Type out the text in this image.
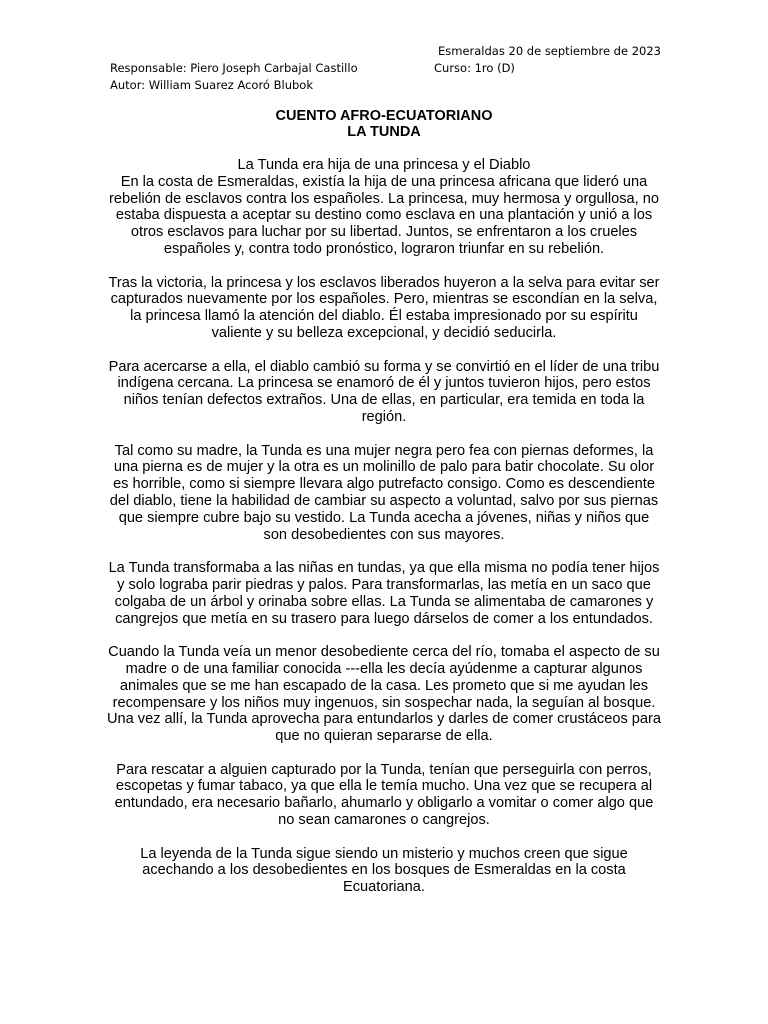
Esmeraldas 20 de septiembre de 2023
Responsable: Piero Joseph Carbajal Castillo	Curso: 1ro (D)
Autor: William Suarez Acoró Blubok
CUENTO AFRO-ECUATORIANO
LA TUNDA

La Tunda era hija de una princesa y el Diablo
En la costa de Esmeraldas, existía la hija de una princesa africana que lideró una rebelión de esclavos contra los españoles. La princesa, muy hermosa y orgullosa, no estaba dispuesta a aceptar su destino como esclava en una plantación y unió a los otros esclavos para luchar por su libertad. Juntos, se enfrentaron a los crueles españoles y, contra todo pronóstico, lograron triunfar en su rebelión.

Tras la victoria, la princesa y los esclavos liberados huyeron a la selva para evitar ser capturados nuevamente por los españoles. Pero, mientras se escondían en la selva, la princesa llamó la atención del diablo. Él estaba impresionado por su espíritu valiente y su belleza excepcional, y decidió seducirla.

Para acercarse a ella, el diablo cambió su forma y se convirtió en el líder de una tribu indígena cercana. La princesa se enamoró de él y juntos tuvieron hijos, pero estos niños tenían defectos extraños. Una de ellas, en particular, era temida en toda la región.

Tal como su madre, la Tunda es una mujer negra pero fea con piernas deformes, la una pierna es de mujer y la otra es un molinillo de palo para batir chocolate. Su olor es horrible, como si siempre llevara algo putrefacto consigo. Como es descendiente del diablo, tiene la habilidad de cambiar su aspecto a voluntad, salvo por sus piernas que siempre cubre bajo su vestido. La Tunda acecha a jóvenes, niñas y niños que son desobedientes con sus mayores.

La Tunda transformaba a las niñas en tundas, ya que ella misma no podía tener hijos y solo lograba parir piedras y palos. Para transformarlas, las metía en un saco que colgaba de un árbol y orinaba sobre ellas. La Tunda se alimentaba de camarones y cangrejos que metía en su trasero para luego dárselos de comer a los entundados.

Cuando la Tunda veía un menor desobediente cerca del río, tomaba el aspecto de su madre o de una familiar conocida ---ella les decía ayúdenme a capturar algunos animales que se me han escapado de la casa. Les prometo que si me ayudan les recompensare y los niños muy ingenuos, sin sospechar nada, la seguían al bosque. Una vez allí, la Tunda aprovecha para entundarlos y darles de comer crustáceos para que no quieran separarse de ella.

Para rescatar a alguien capturado por la Tunda, tenían que perseguirla con perros, escopetas y fumar tabaco, ya que ella le temía mucho. Una vez que se recupera al entundado, era necesario bañarlo, ahumarlo y obligarlo a vomitar o comer algo que no sean camarones o cangrejos.

La leyenda de la Tunda sigue siendo un misterio y muchos creen que sigue acechando a los desobedientes en los bosques de Esmeraldas en la costa Ecuatoriana.
